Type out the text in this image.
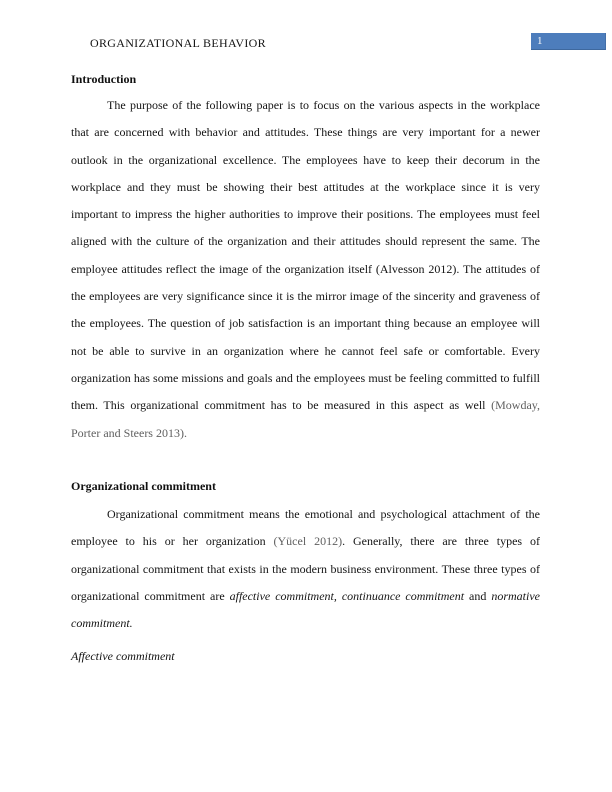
ORGANIZATIONAL BEHAVIOR	1
Introduction
The purpose of the following paper is to focus on the various aspects in the workplace
that are concerned with behavior and attitudes. These things are very important for a newer
outlook in the organizational excellence. The employees have to keep their decorum in the
workplace and they must be showing their best attitudes at the workplace since it is very
important to impress the higher authorities to improve their positions. The employees must feel
aligned with the culture of the organization and their attitudes should represent the same. The
employee attitudes reflect the image of the organization itself (Alvesson 2012). The attitudes of
the employees are very significance since it is the mirror image of the sincerity and graveness of
the employees. The question of job satisfaction is an important thing because an employee will
not be able to survive in an organization where he cannot feel safe or comfortable. Every
organization has some missions and goals and the employees must be feeling committed to fulfill
them. This organizational commitment has to be measured in this aspect as well (Mowday,
Porter and Steers 2013).
Organizational commitment
Organizational commitment means the emotional and psychological attachment of the
employee to his or her organization (Yücel 2012). Generally, there are three types of
organizational commitment that exists in the modern business environment. These three types of
organizational commitment are affective commitment, continuance commitment and normative
commitment.
Affective commitment
